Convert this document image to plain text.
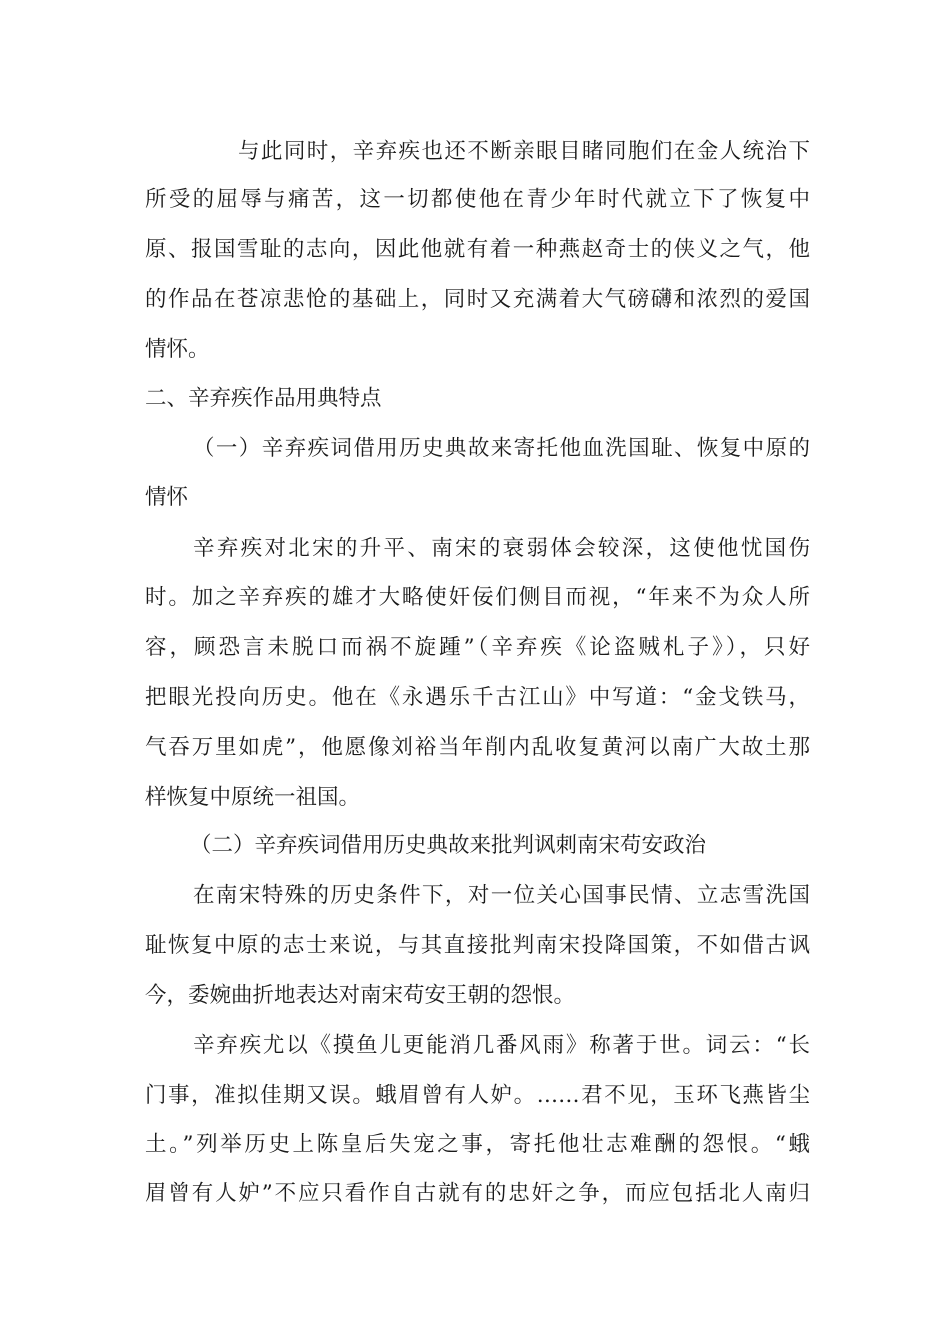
与此同时，辛弃疾也还不断亲眼目睹同胞们在金人统治下
所受的屈辱与痛苦，这一切都使他在青少年时代就立下了恢复中
原、报国雪耻的志向，因此他就有着一种燕赵奇士的侠义之气，他
的作品在苍凉悲怆的基础上，同时又充满着大气磅礴和浓烈的爱国
情怀。
二、辛弃疾作品用典特点
（一）辛弃疾词借用历史典故来寄托他血洗国耻、恢复中原的
情怀
辛弃疾对北宋的升平、南宋的衰弱体会较深，这使他忧国伤
时。加之辛弃疾的雄才大略使奸佞们侧目而视，“年来不为众人所
容，顾恐言未脱口而祸不旋踵”（辛弃疾《论盗贼札子》），只好
把眼光投向历史。他在《永遇乐千古江山》中写道：“金戈铁马，
气吞万里如虎”，他愿像刘裕当年削内乱收复黄河以南广大故土那
样恢复中原统一祖国。
（二）辛弃疾词借用历史典故来批判讽刺南宋苟安政治
在南宋特殊的历史条件下，对一位关心国事民情、立志雪洗国
耻恢复中原的志士来说，与其直接批判南宋投降国策，不如借古讽
今，委婉曲折地表达对南宋苟安王朝的怨恨。
辛弃疾尤以《摸鱼儿更能消几番风雨》称著于世。词云：“长
门事，准拟佳期又误。蛾眉曾有人妒。……君不见，玉环飞燕皆尘
土。”列举历史上陈皇后失宠之事，寄托他壮志难酬的怨恨。“蛾
眉曾有人妒”不应只看作自古就有的忠奸之争，而应包括北人南归
